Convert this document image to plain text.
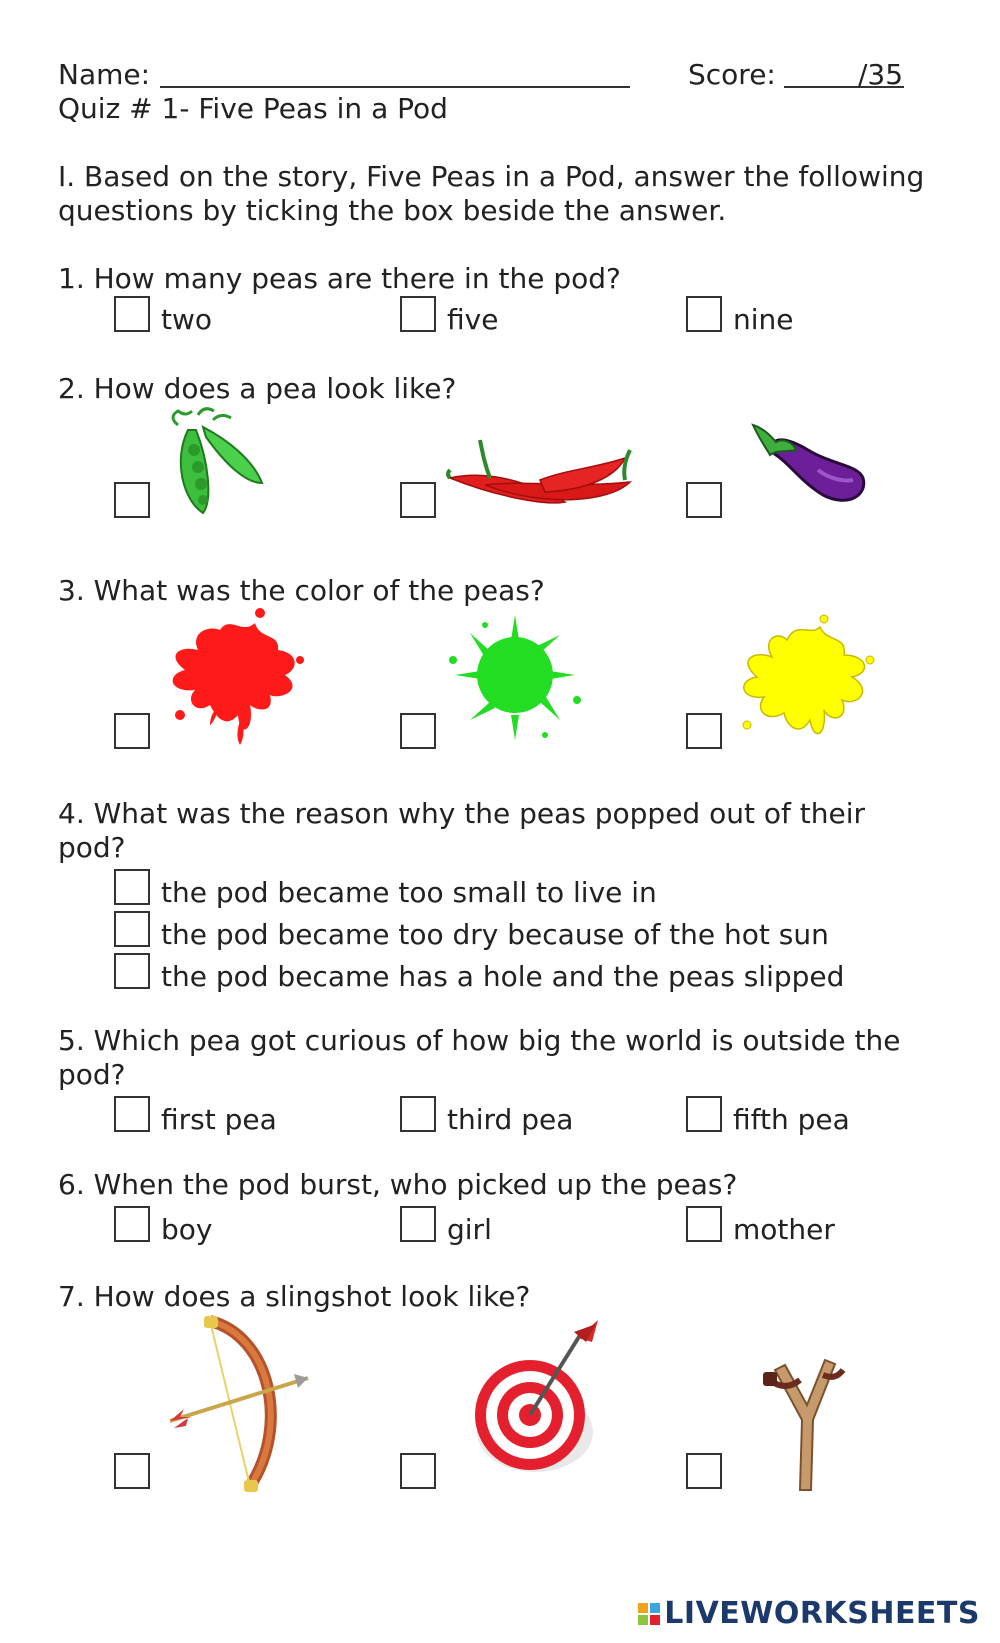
Name:	Score:	/35
Quiz # 1- Five Peas in a Pod
I. Based on the story, Five Peas in a Pod, answer the following
questions by ticking the box beside the answer.
1. How many peas are there in the pod?
two	five	nine
2. How does a pea look like?
3. What was the color of the peas?
4. What was the reason why the peas popped out of their
pod?
the pod became too small to live in
the pod became too dry because of the hot sun
the pod became has a hole and the peas slipped
5. Which pea got curious of how big the world is outside the
pod?
first pea	third pea	fifth pea
6. When the pod burst, who picked up the peas?
boy	girl	mother
7. How does a slingshot look like?
LIVEWORKSHEETS
